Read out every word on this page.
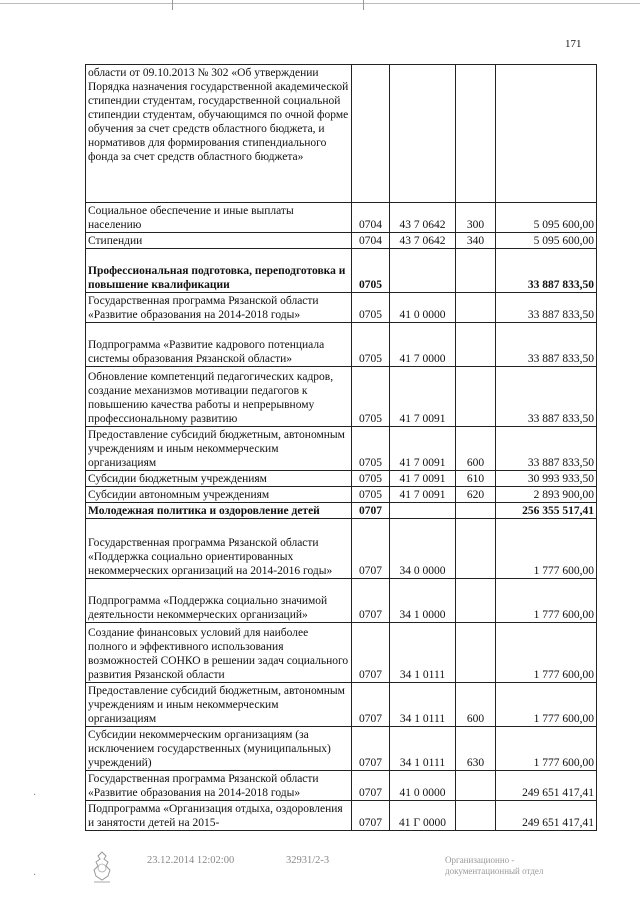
171
·
·
области от 09.10.2013 № 302 «Об утверждении Порядка назначения государственной академической стипендии студентам, государственной социальной стипендии студентам, обучающимся по очной форме обучения за счет средств областного бюджета, и нормативов для формирования стипендиального фонда за счет средств областного бюджета»				
Социальное обеспечение и иные выплаты населению	0704	43 7 0642	300	5 095 600,00
Стипендии	0704	43 7 0642	340	5 095 600,00
Профессиональная подготовка, переподготовка и повышение квалификации	0705			33 887 833,50
Государственная программа Рязанской области «Развитие образования на 2014-2018 годы»	0705	41 0 0000		33 887 833,50
Подпрограмма «Развитие кадрового потенциала системы образования Рязанской области»	0705	41 7 0000		33 887 833,50
Обновление компетенций педагогических кадров, создание механизмов мотивации педагогов к повышению качества работы и непрерывному профессиональному развитию	0705	41 7 0091		33 887 833,50
Предоставление субсидий бюджетным, автономным учреждениям и иным некоммерческим организациям	0705	41 7 0091	600	33 887 833,50
Субсидии бюджетным учреждениям	0705	41 7 0091	610	30 993 933,50
Субсидии автономным учреждениям	0705	41 7 0091	620	2 893 900,00
Молодежная политика и оздоровление детей	0707			256 355 517,41
Государственная программа Рязанской области «Поддержка социально ориентированных некоммерческих организаций на 2014-2016 годы»	0707	34 0 0000		1 777 600,00
Подпрограмма «Поддержка социально значимой деятельности некоммерческих организаций»	0707	34 1 0000		1 777 600,00
Создание финансовых условий для наиболее полного и эффективного использования возможностей СОНКО в решении задач социального развития Рязанской области	0707	34 1 0111		1 777 600,00
Предоставление субсидий бюджетным, автономным учреждениям и иным некоммерческим организациям	0707	34 1 0111	600	1 777 600,00
Субсидии некоммерческим организациям (за исключением государственных (муниципальных) учреждений)	0707	34 1 0111	630	1 777 600,00
Государственная программа Рязанской области «Развитие образования на 2014-2018 годы»	0707	41 0 0000		249 651 417,41
Подпрограмма «Организация отдыха, оздоровления и занятости детей на 2015-	0707	41 Г 0000		249 651 417,41
23.12.2014 12:02:00	32931/2-3	Организационно -
документационный отдел
